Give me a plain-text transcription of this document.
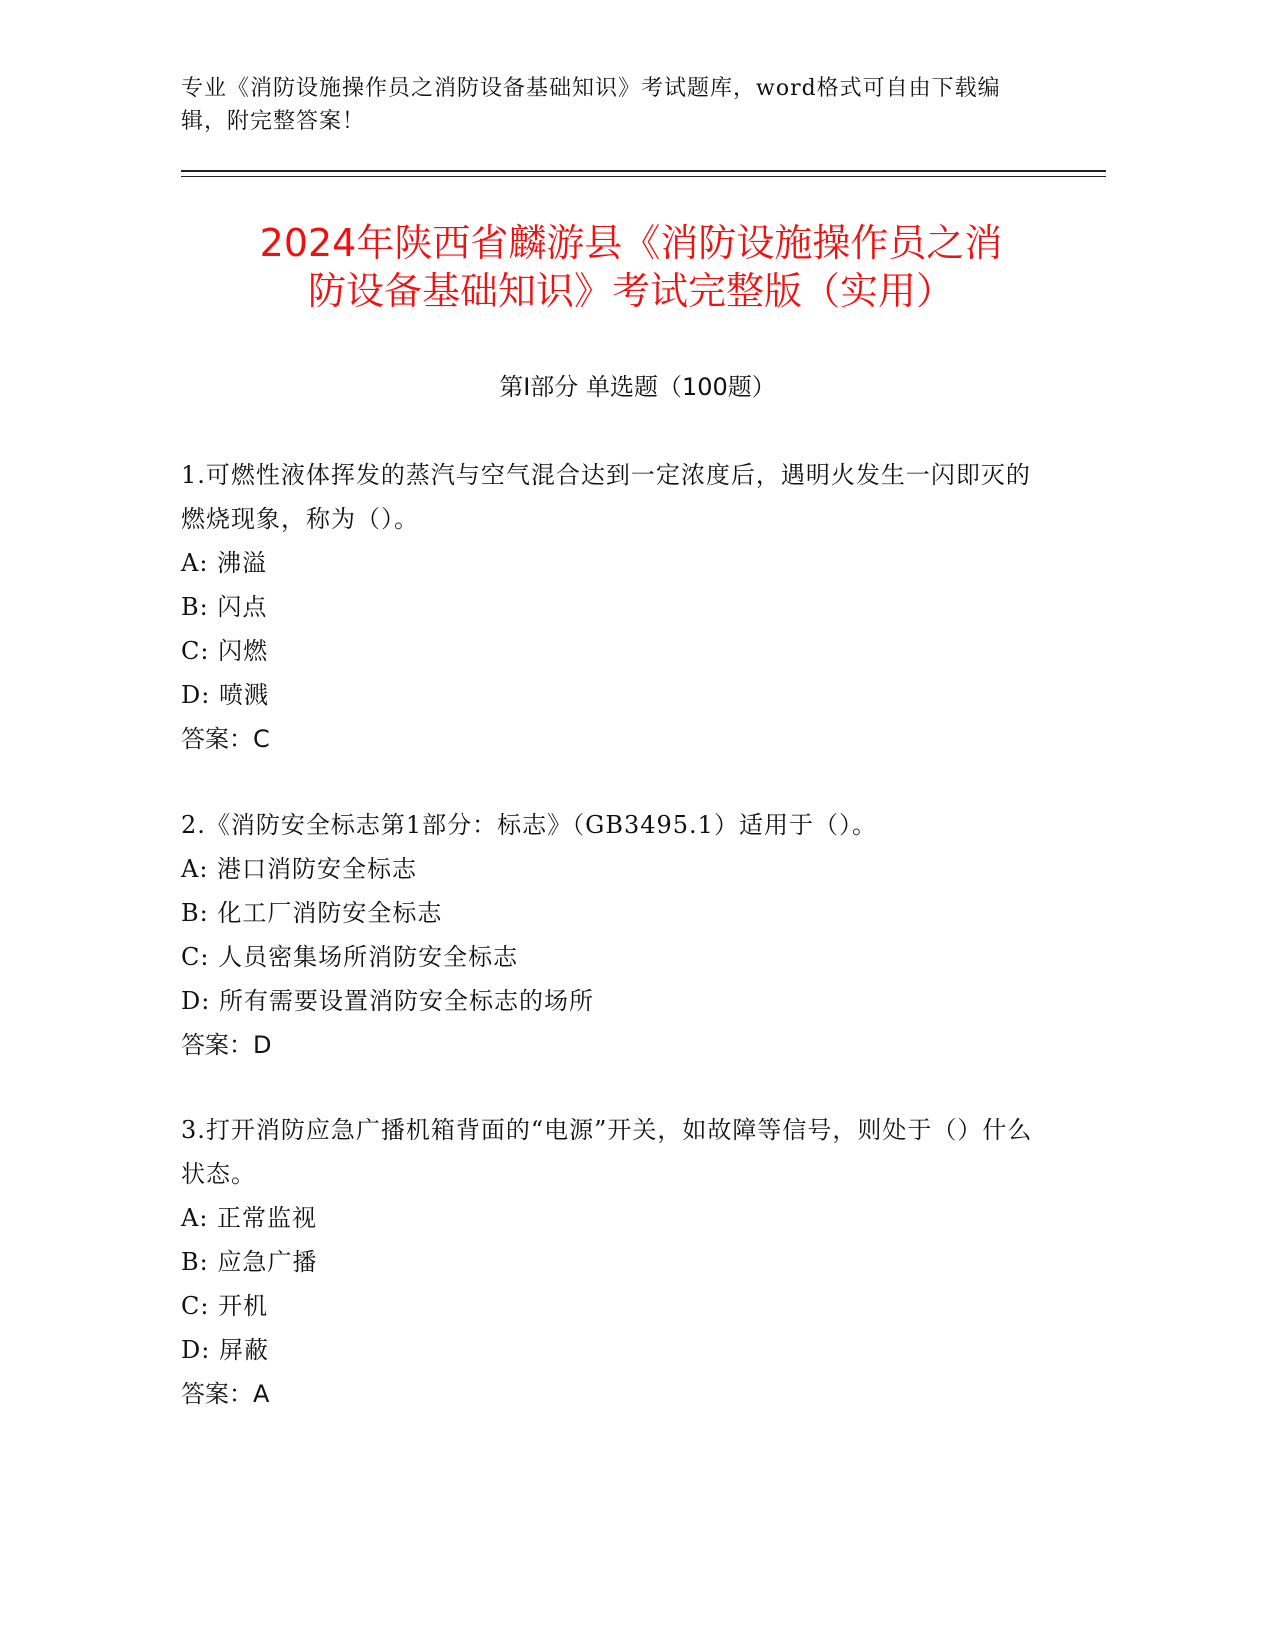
专业《消防设施操作员之消防设备基础知识》考试题库，word格式可自由下载编辑，附完整答案！
2024年陕西省麟游县《消防设施操作员之消
防设备基础知识》考试完整版（实用）
第Ⅰ部分 单选题（100题）
1.可燃性液体挥发的蒸汽与空气混合达到一定浓度后，遇明火发生一闪即灭的燃烧现象，称为（）。
A: 沸溢
B: 闪点
C: 闪燃
D: 喷溅
答案：C
2.《消防安全标志第1部分：标志》（GB3495.1）适用于（）。
A: 港口消防安全标志
B: 化工厂消防安全标志
C: 人员密集场所消防安全标志
D: 所有需要设置消防安全标志的场所
答案：D
3.打开消防应急广播机箱背面的“电源”开关，如故障等信号，则处于（）什么状态。
A: 正常监视
B: 应急广播
C: 开机
D: 屏蔽
答案：A
